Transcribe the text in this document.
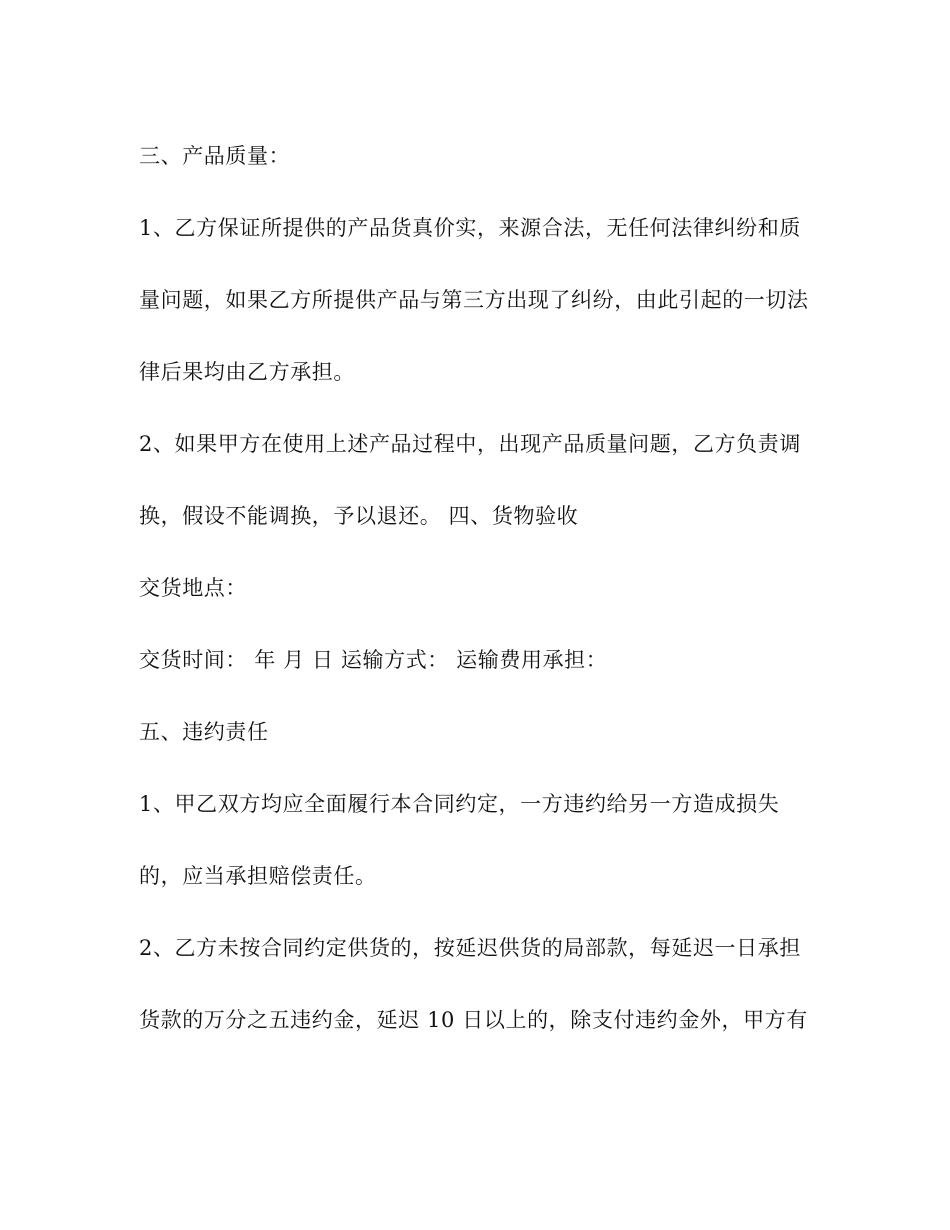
三、产品质量：
1、乙方保证所提供的产品货真价实，来源合法，无任何法律纠纷和质
量问题，如果乙方所提供产品与第三方出现了纠纷，由此引起的一切法
律后果均由乙方承担。
2、如果甲方在使用上述产品过程中，出现产品质量问题，乙方负责调
换，假设不能调换，予以退还。 四、货物验收
交货地点：
交货时间： 年 月 日 运输方式： 运输费用承担：
五、违约责任
1、甲乙双方均应全面履行本合同约定，一方违约给另一方造成损失
的，应当承担赔偿责任。
2、乙方未按合同约定供货的，按延迟供货的局部款，每延迟一日承担
货款的万分之五违约金，延迟 10 日以上的，除支付违约金外，甲方有
